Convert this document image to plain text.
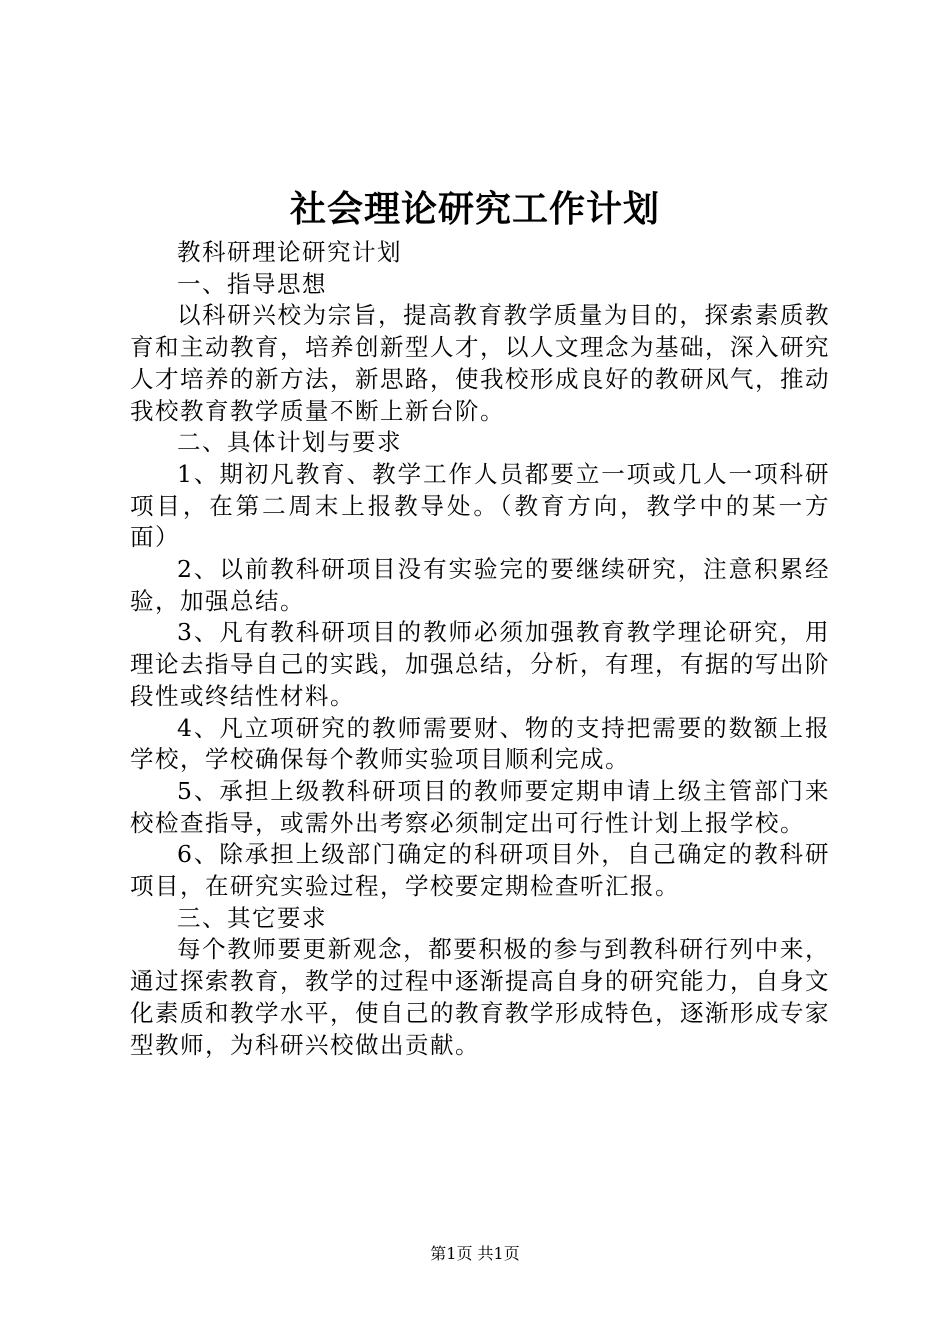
社会理论研究工作计划

教科研理论研究计划

一、指导思想

以科研兴校为宗旨，提高教育教学质量为目的，探索素质教育和主动教育，培养创新型人才，以人文理念为基础，深入研究人才培养的新方法，新思路，使我校形成良好的教研风气，推动我校教育教学质量不断上新台阶。

二、具体计划与要求

1、期初凡教育、教学工作人员都要立一项或几人一项科研项目，在第二周末上报教导处。（教育方向，教学中的某一方面）

2、以前教科研项目没有实验完的要继续研究，注意积累经验，加强总结。

3、凡有教科研项目的教师必须加强教育教学理论研究，用理论去指导自己的实践，加强总结，分析，有理，有据的写出阶段性或终结性材料。

4、凡立项研究的教师需要财、物的支持把需要的数额上报学校，学校确保每个教师实验项目顺利完成。

5、承担上级教科研项目的教师要定期申请上级主管部门来校检查指导，或需外出考察必须制定出可行性计划上报学校。

6、除承担上级部门确定的科研项目外，自己确定的教科研项目，在研究实验过程，学校要定期检查听汇报。

三、其它要求

每个教师要更新观念，都要积极的参与到教科研行列中来，通过探索教育，教学的过程中逐渐提高自身的研究能力，自身文化素质和教学水平，使自己的教育教学形成特色，逐渐形成专家型教师，为科研兴校做出贡献。

第1页 共1页
